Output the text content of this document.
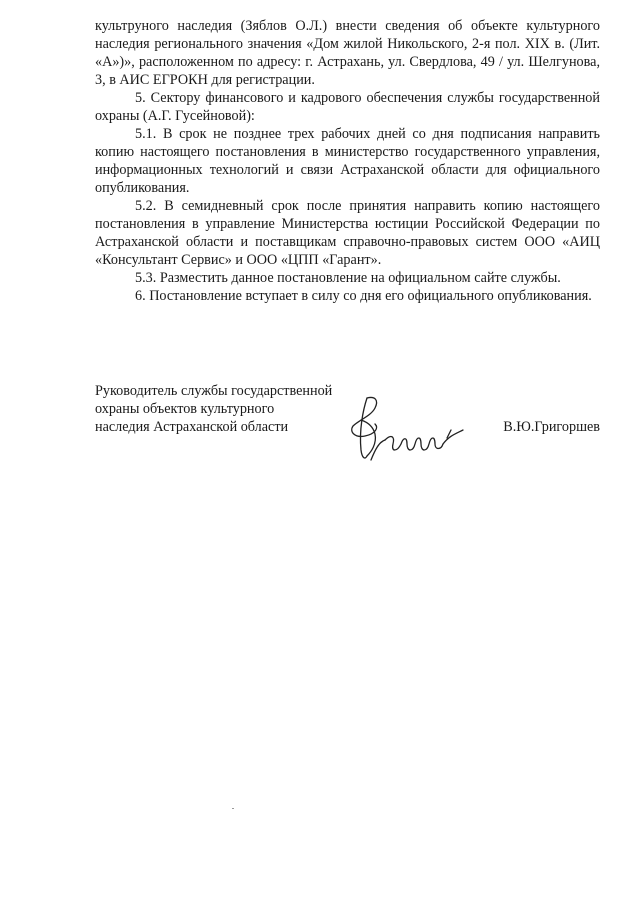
культруного наследия (Зяблов О.Л.) внести сведения об объекте культурного наследия регионального значения «Дом жилой Никольского, 2-я пол. XIX в. (Лит. «А»)», расположенном по адресу: г. Астрахань, ул. Свердлова, 49 / ул. Шелгунова, 3, в АИС ЕГРОКН для регистрации.

5. Сектору финансового и кадрового обеспечения службы государственной охраны (А.Г. Гусейновой):

5.1. В срок не позднее трех рабочих дней со дня подписания направить копию настоящего постановления в министерство государственного управления, информационных технологий и связи Астраханской области для официального опубликования.

5.2. В семидневный срок после принятия направить копию настоящего постановления в управление Министерства юстиции Российской Федерации по Астраханской области и поставщикам справочно-правовых систем ООО «АИЦ «Консультант Сервис» и ООО «ЦПП «Гарант».

5.3. Разместить данное постановление на официальном сайте службы.

6. Постановление вступает в силу со дня его официального опубликования.

Руководитель службы государственной
охраны объектов культурного
наследия Астраханской области	В.Ю.Григоршев
